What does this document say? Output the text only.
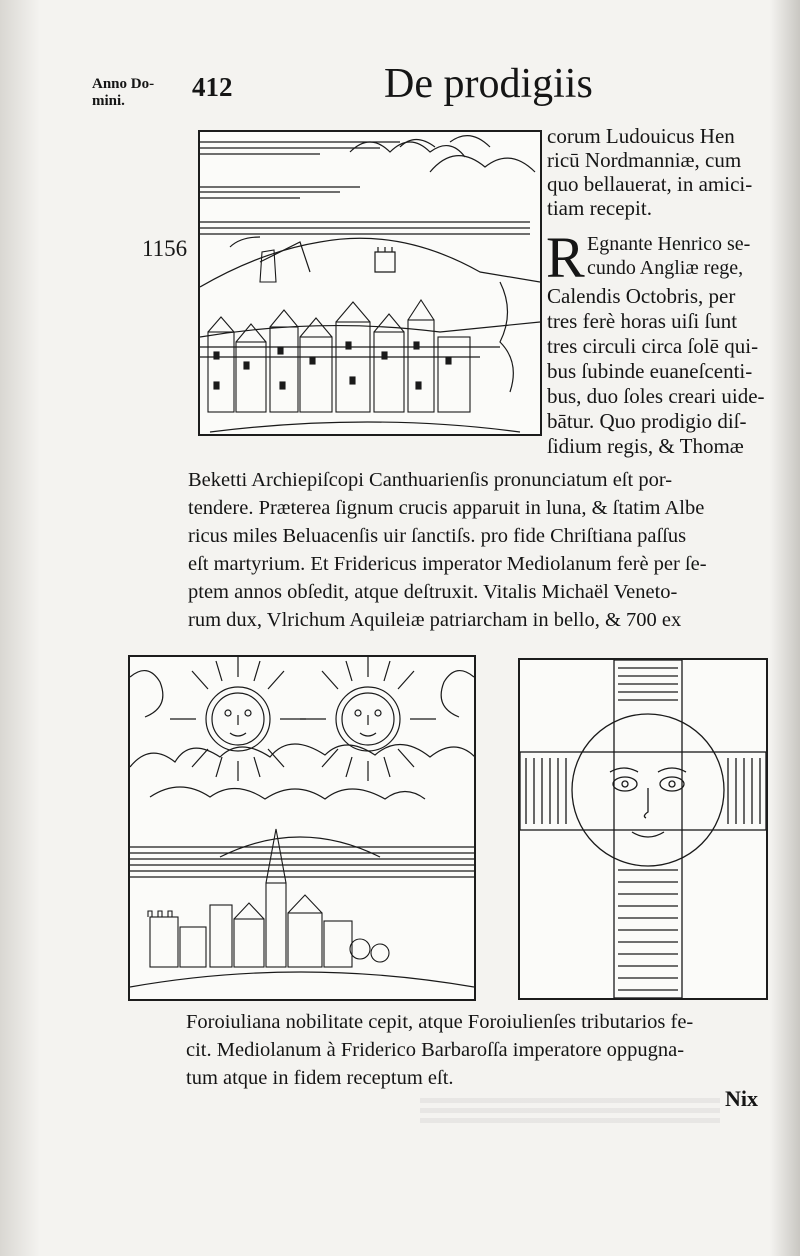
Anno Do-
mini.	412	De prodigiis
corum Ludouicus Hen
ricū Nordmanniæ, cum
quo bellauerat, in amici-
tiam recepit.
1156	R Egnante Henrico se-
cundo Angliæ rege,
Calendis Octobris, per
tres ferè horas uiſi ſunt
tres circuli circa ſolē qui-
bus ſubinde euaneſcenti-
bus, duo ſoles creari uide-
bātur. Quo prodigio diſ-
ſidium regis, & Thomæ
Beketti Archiepiſcopi Canthuarienſis pronunciatum eſt por-
tendere. Præterea ſignum crucis apparuit in luna, & ſtatim Albe
ricus miles Beluacenſis uir ſanctiſs. pro fide Chriſtiana paſſus
eſt martyrium. Et Fridericus imperator Mediolanum ferè per ſe-
ptem annos obſedit, atque deſtruxit. Vitalis Michaël Veneto-
rum dux, Vlrichum Aquileiæ patriarcham in bello, & 700 ex
Foroiuliana nobilitate cepit, atque Foroiulienſes tributarios fe-
cit. Mediolanum à Friderico Barbaroſſa imperatore oppugna-
tum atque in fidem receptum eſt.
Nix
